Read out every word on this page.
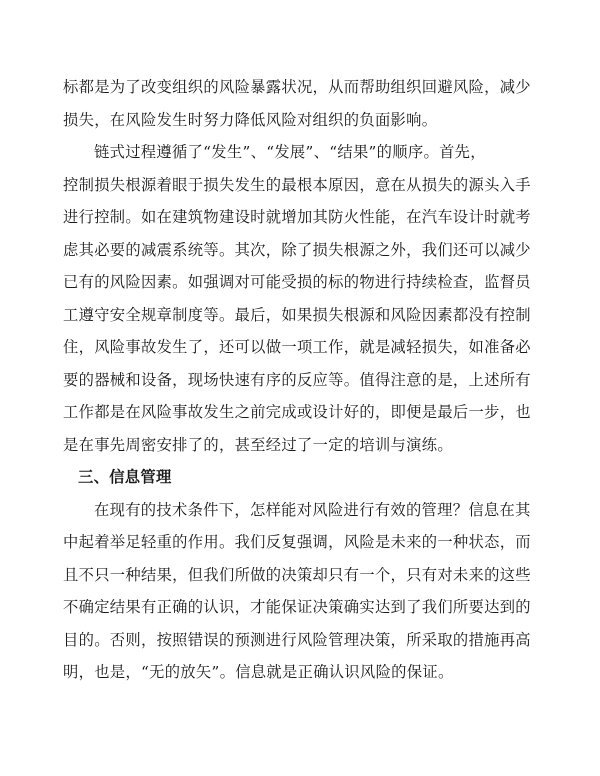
标都是为了改变组织的风险暴露状况，从而帮助组织回避风险，减少
损失，在风险发生时努力降低风险对组织的负面影响。
链式过程遵循了“发生”、“发展”、“结果”的顺序。首先，
控制损失根源着眼于损失发生的最根本原因，意在从损失的源头入手
进行控制。如在建筑物建设时就增加其防火性能，在汽车设计时就考
虑其必要的减震系统等。其次，除了损失根源之外，我们还可以减少
已有的风险因素。如强调对可能受损的标的物进行持续检查，监督员
工遵守安全规章制度等。最后，如果损失根源和风险因素都没有控制
住，风险事故发生了，还可以做一项工作，就是减轻损失，如准备必
要的器械和设备，现场快速有序的反应等。值得注意的是，上述所有
工作都是在风险事故发生之前完成或设计好的，即便是最后一步，也
是在事先周密安排了的，甚至经过了一定的培训与演练。
三、信息管理
在现有的技术条件下，怎样能对风险进行有效的管理？信息在其
中起着举足轻重的作用。我们反复强调，风险是未来的一种状态，而
且不只一种结果，但我们所做的决策却只有一个，只有对未来的这些
不确定结果有正确的认识，才能保证决策确实达到了我们所要达到的
目的。否则，按照错误的预测进行风险管理决策，所采取的措施再高
明，也是，“无的放矢”。信息就是正确认识风险的保证。
